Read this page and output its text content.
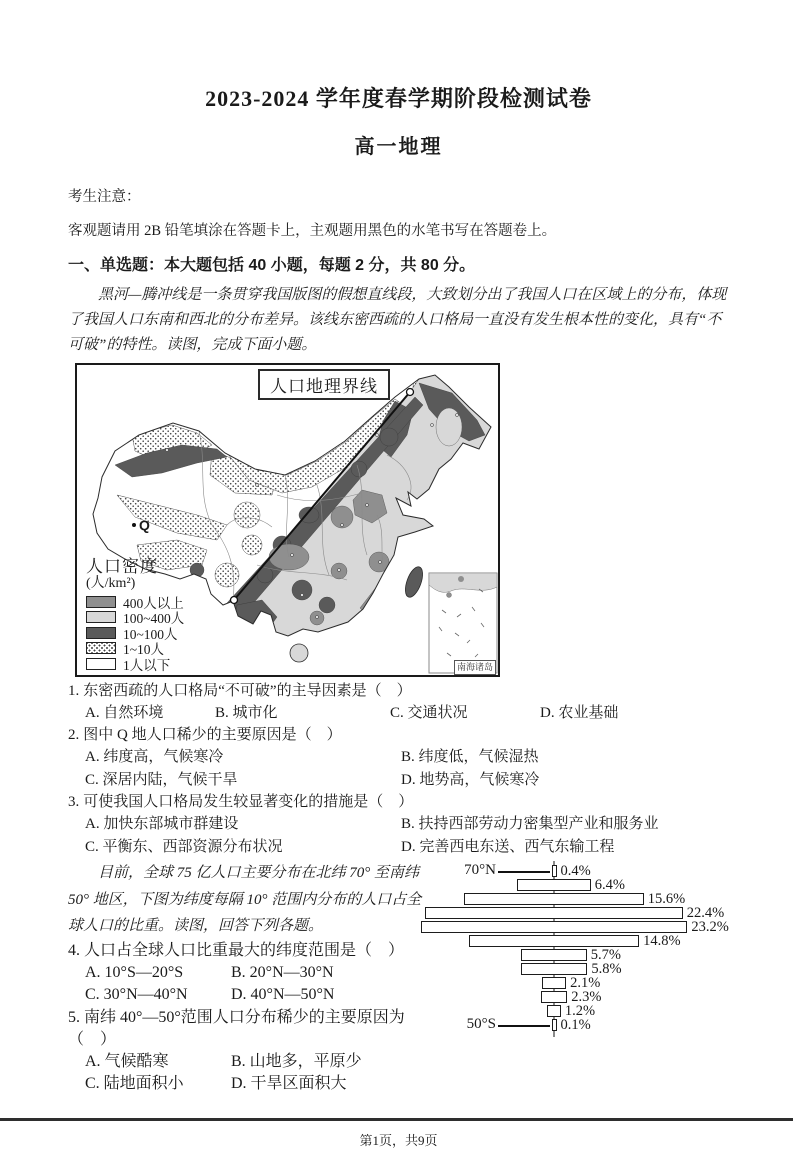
2023-2024 学年度春学期阶段检测试卷
高一地理
考生注意：
客观题请用 2B 铅笔填涂在答题卡上，主观题用黑色的水笔书写在答题卷上。
一、单选题：本大题包括 40 小题，每题 2 分，共 80 分。
黑河—腾冲线是一条贯穿我国版图的假想直线段，大致划分出了我国人口在区域上的分布，体现了我国人口东南和西北的分布差异。该线东密西疏的人口格局一直没有发生根本性的变化，具有“不可破”的特性。读图，完成下面小题。
人口地理界线
Q
人口密度
(人/km²)
400人以上
100~400人
10~100人
1~10人
1人以下	南海诸岛
1. 东密西疏的人口格局“不可破”的主导因素是（　）
A. 自然环境	B. 城市化	C. 交通状况	D. 农业基础
2. 图中 Q 地人口稀少的主要原因是（　）
A. 纬度高，气候寒冷	B. 纬度低，气候湿热
C. 深居内陆，气候干旱	D. 地势高，气候寒冷
3. 可使我国人口格局发生较显著变化的措施是（　）
A. 加快东部城市群建设	B. 扶持西部劳动力密集型产业和服务业
C. 平衡东、西部资源分布状况	D. 完善西电东送、西气东输工程
目前，全球 75 亿人口主要分布在北纬 70° 至南纬 50° 地区，下图为纬度每隔 10° 范围内分布的人口占全球人口的比重。读图，回答下列各题。
4. 人口占全球人口比重最大的纬度范围是（　）
A. 10°S—20°S	B. 20°N—30°N
C. 30°N—40°N	D. 40°N—50°N
5. 南纬 40°—50°范围人口分布稀少的主要原因为（　）
A. 气候酷寒	B. 山地多，平原少
C. 陆地面积小	D. 干旱区面积大
70°N
50°S
0.4%
6.4%
15.6%
22.4%
23.2%
14.8%
5.7%
5.8%
2.1%
2.3%
1.2%
0.1%
第1页，共9页
